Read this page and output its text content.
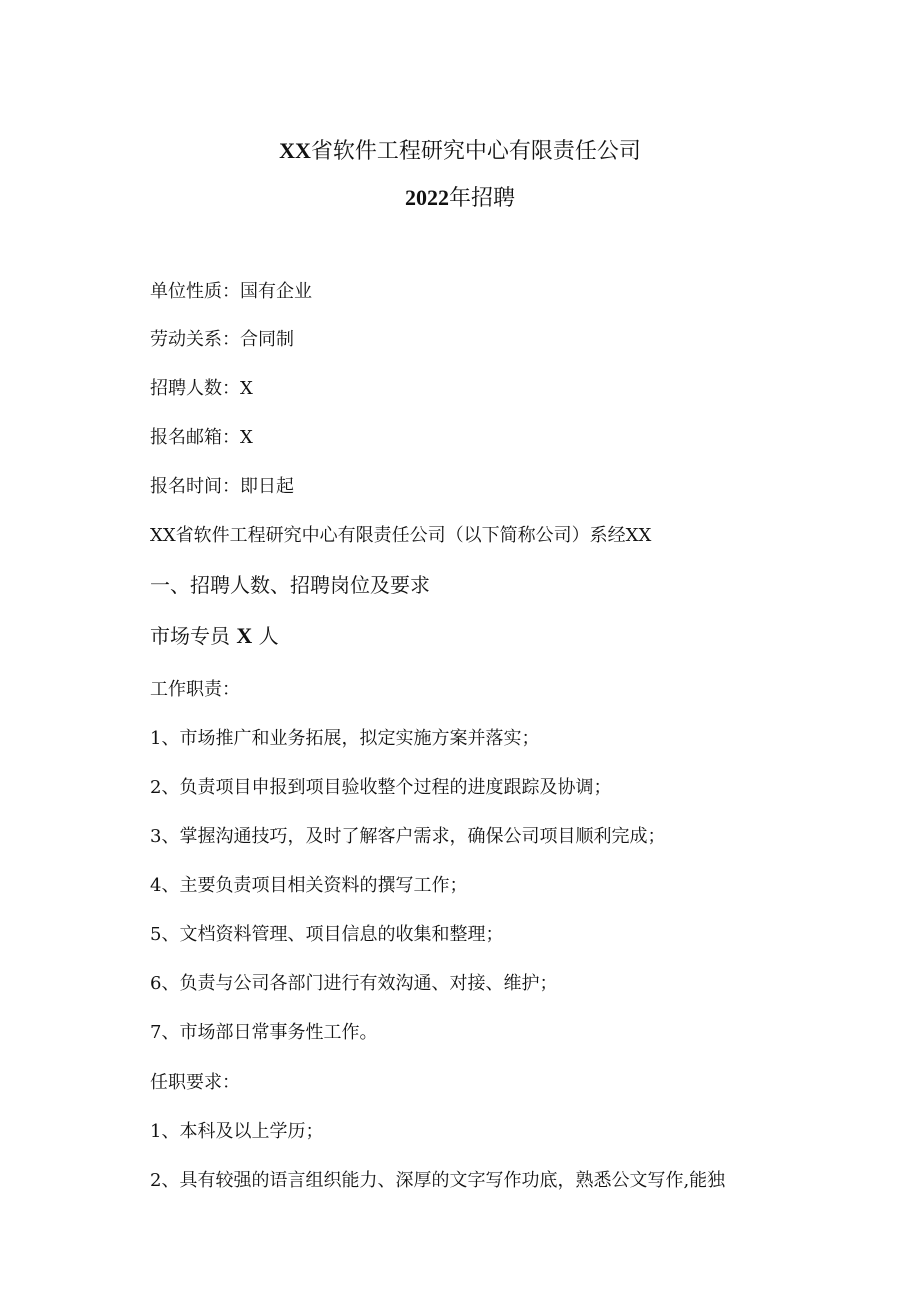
XX省软件工程研究中心有限责任公司
2022年招聘
单位性质：国有企业
劳动关系：合同制
招聘人数：X
报名邮箱：X
报名时间：即日起
XX省软件工程研究中心有限责任公司（以下简称公司）系经XX
一、招聘人数、招聘岗位及要求
市场专员 X 人
工作职责：
1、市场推广和业务拓展，拟定实施方案并落实；
2、负责项目申报到项目验收整个过程的进度跟踪及协调；
3、掌握沟通技巧，及时了解客户需求，确保公司项目顺利完成；
4、主要负责项目相关资料的撰写工作；
5、文档资料管理、项目信息的收集和整理；
6、负责与公司各部门进行有效沟通、对接、维护；
7、市场部日常事务性工作。
任职要求：
1、本科及以上学历；
2、具有较强的语言组织能力、深厚的文字写作功底，熟悉公文写作,能独
